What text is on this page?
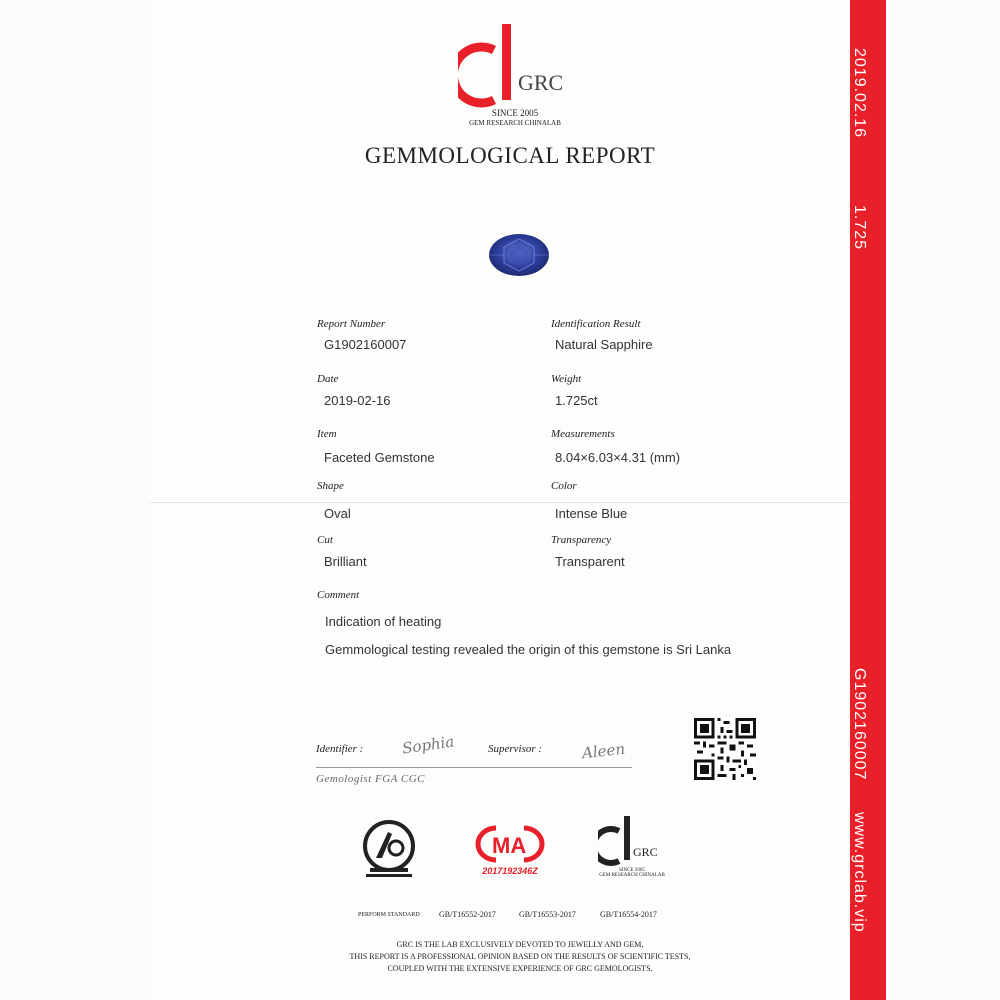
GRC
SINCE 2005
GEM RESEARCH CHINALAB
GEMMOLOGICAL REPORT
Report Number
G1902160007
Identification Result
Natural Sapphire
Date
2019-02-16
Weight
1.725ct
Item
Faceted Gemstone
Measurements
8.04×6.03×4.31 (mm)
Shape
Oval
Color
Intense Blue
Cut
Brilliant
Transparency
Transparent
Comment
Indication of heating
Gemmological testing revealed the origin of this gemstone is Sri Lanka
Identifier :	Sophia	Supervisor :	Aleen
Gemologist FGA CGC
MA
2017192346Z
GRC
SINCE 2005
GEM RESEARCH CHINALAB
PERFORM STANDARD GB/T16552-2017	GB/T16553-2017	GB/T16554-2017
GRC IS THE LAB EXCLUSIVELY DEVOTED TO JEWELLY AND GEM,
THIS REPORT IS A PROFESSIONAL OPINION BASED ON THE RESULTS OF SCIENTIFIC TESTS,
COUPLED WITH THE EXTENSIVE EXPERIENCE OF GRC GEMOLOGISTS.
2019.02.16
1.725
G1902160007
www.grclab.vip
